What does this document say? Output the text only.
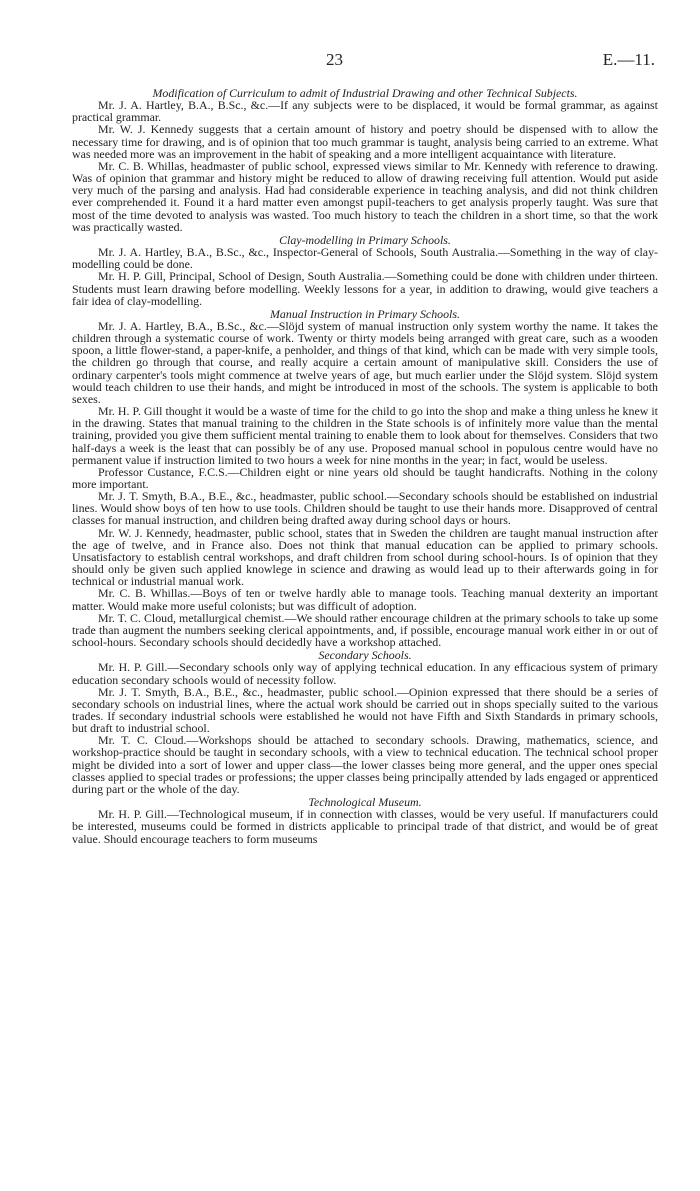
23	E.—11.
Modification of Curriculum to admit of Industrial Drawing and other Technical Subjects.

Mr. J. A. Hartley, B.A., B.Sc., &c.—If any subjects were to be displaced, it would be formal grammar, as against practical grammar.

Mr. W. J. Kennedy suggests that a certain amount of history and poetry should be dispensed with to allow the necessary time for drawing, and is of opinion that too much grammar is taught, analysis being carried to an extreme. What was needed more was an improvement in the habit of speaking and a more intelligent acquaintance with literature.

Mr. C. B. Whillas, headmaster of public school, expressed views similar to Mr. Kennedy with reference to drawing. Was of opinion that grammar and history might be reduced to allow of drawing receiving full attention. Would put aside very much of the parsing and analysis. Had had considerable experience in teaching analysis, and did not think children ever comprehended it. Found it a hard matter even amongst pupil-teachers to get analysis properly taught. Was sure that most of the time devoted to analysis was wasted. Too much history to teach the children in a short time, so that the work was practically wasted.

Clay-modelling in Primary Schools.

Mr. J. A. Hartley, B.A., B.Sc., &c., Inspector-General of Schools, South Australia.—Something in the way of clay-modelling could be done.

Mr. H. P. Gill, Principal, School of Design, South Australia.—Something could be done with children under thirteen. Students must learn drawing before modelling. Weekly lessons for a year, in addition to drawing, would give teachers a fair idea of clay-modelling.

Manual Instruction in Primary Schools.

Mr. J. A. Hartley, B.A., B.Sc., &c.—Slöjd system of manual instruction only system worthy the name. It takes the children through a systematic course of work. Twenty or thirty models being arranged with great care, such as a wooden spoon, a little flower-stand, a paper-knife, a penholder, and things of that kind, which can be made with very simple tools, the children go through that course, and really acquire a certain amount of manipulative skill. Considers the use of ordinary carpenter's tools might commence at twelve years of age, but much earlier under the Slöjd system. Slöjd system would teach children to use their hands, and might be introduced in most of the schools. The system is applicable to both sexes.

Mr. H. P. Gill thought it would be a waste of time for the child to go into the shop and make a thing unless he knew it in the drawing. States that manual training to the children in the State schools is of infinitely more value than the mental training, provided you give them sufficient mental training to enable them to look about for themselves. Considers that two half-days a week is the least that can possibly be of any use. Proposed manual school in populous centre would have no permanent value if instruction limited to two hours a week for nine months in the year; in fact, would be useless.

Professor Custance, F.C.S.—Children eight or nine years old should be taught handicrafts. Nothing in the colony more important.

Mr. J. T. Smyth, B.A., B.E., &c., headmaster, public school.—Secondary schools should be established on industrial lines. Would show boys of ten how to use tools. Children should be taught to use their hands more. Disapproved of central classes for manual instruction, and children being drafted away during school days or hours.

Mr. W. J. Kennedy, headmaster, public school, states that in Sweden the children are taught manual instruction after the age of twelve, and in France also. Does not think that manual education can be applied to primary schools. Unsatisfactory to establish central workshops, and draft children from school during school-hours. Is of opinion that they should only be given such applied knowlege in science and drawing as would lead up to their afterwards going in for technical or industrial manual work.

Mr. C. B. Whillas.—Boys of ten or twelve hardly able to manage tools. Teaching manual dexterity an important matter. Would make more useful colonists; but was difficult of adoption.

Mr. T. C. Cloud, metallurgical chemist.—We should rather encourage children at the primary schools to take up some trade than augment the numbers seeking clerical appointments, and, if possible, encourage manual work either in or out of school-hours. Secondary schools should decidedly have a workshop attached.

Secondary Schools.

Mr. H. P. Gill.—Secondary schools only way of applying technical education. In any efficacious system of primary education secondary schools would of necessity follow.

Mr. J. T. Smyth, B.A., B.E., &c., headmaster, public school.—Opinion expressed that there should be a series of secondary schools on industrial lines, where the actual work should be carried out in shops specially suited to the various trades. If secondary industrial schools were established he would not have Fifth and Sixth Standards in primary schools, but draft to industrial school.

Mr. T. C. Cloud.—Workshops should be attached to secondary schools. Drawing, mathematics, science, and workshop-practice should be taught in secondary schools, with a view to technical education. The technical school proper might be divided into a sort of lower and upper class—the lower classes being more general, and the upper ones special classes applied to special trades or professions; the upper classes being principally attended by lads engaged or apprenticed during part or the whole of the day.

Technological Museum.

Mr. H. P. Gill.—Technological museum, if in connection with classes, would be very useful. If manufacturers could be interested, museums could be formed in districts applicable to principal trade of that district, and would be of great value. Should encourage teachers to form museums
